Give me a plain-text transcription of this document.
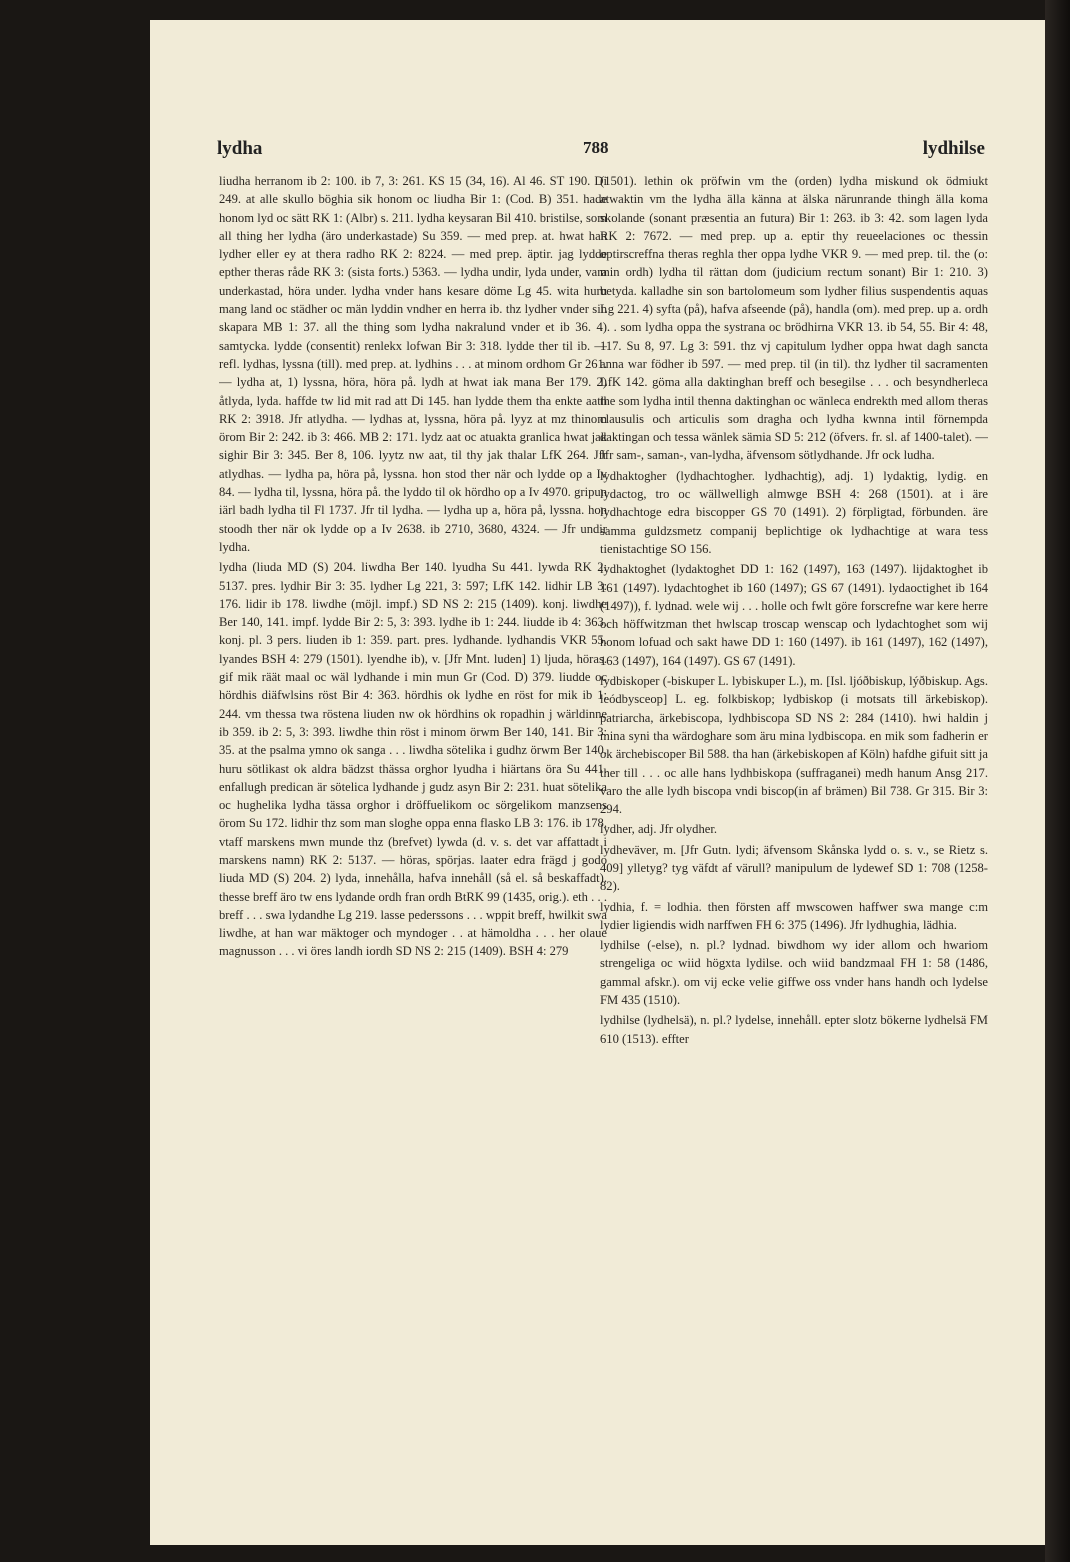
lydha	788	lydhilse

liudha herranom ib 2: 100. ib 7, 3: 261. KS 15 (34, 16). Al 46. ST 190. Di 249. at alle skullo böghia sik honom oc liudha Bir 1: (Cod. B) 351. hade honom lyd oc sätt RK 1: (Albr) s. 211. lydha keysaran Bil 410. bristilse, som all thing her lydha (äro underkastade) Su 359. — med prep. at. hwat han lydher eller ey at thera radho RK 2: 8224. — med prep. äptir. jag lydde epther theras råde RK 3: (sista forts.) 5363. — lydha undir, lyda under, vara underkastad, höra under. lydha vnder hans kesare döme Lg 45. wita huru mang land oc städher oc män lyddin vndher en herra ib. thz lydher vnder sin skapara MB 1: 37. all the thing som lydha nakralund vnder et ib 36. 4) samtycka. lydde (consentit) renlekx lofwan Bir 3: 318. lydde ther til ib. — refl. lydhas, lyssna (till). med prep. at. lydhins . . . at minom ordhom Gr 261. — lydha at, 1) lyssna, höra, höra på. lydh at hwat iak mana Ber 179. 2) åtlyda, lyda. haffde tw lid mit rad att Di 145. han lydde them tha enkte aath RK 2: 3918. Jfr atlydha. — lydhas at, lyssna, höra på. lyyz at mz thinom örom Bir 2: 242. ib 3: 466. MB 2: 171. lydz aat oc atuakta granlica hwat jak sighir Bir 3: 345. Ber 8, 106. lyytz nw aat, til thy jak thalar LfK 264. Jfr atlydhas. — lydha pa, höra på, lyssna. hon stod ther när och lydde op a Iv 84. — lydha til, lyssna, höra på. the lyddo til ok hördho op a Iv 4970. gripun iärl badh lydha til Fl 1737. Jfr til lydha. — lydha up a, höra på, lyssna. hon stoodh ther när ok lydde op a Iv 2638. ib 2710, 3680, 4324. — Jfr undir lydha.

lydha (liuda MD (S) 204. liwdha Ber 140. lyudha Su 441. lywda RK 2: 5137. pres. lydhir Bir 3: 35. lydher Lg 221, 3: 597; LfK 142. lidhir LB 3: 176. lidir ib 178. liwdhe (möjl. impf.) SD NS 2: 215 (1409). konj. liwdhe Ber 140, 141. impf. lydde Bir 2: 5, 3: 393. lydhe ib 1: 244. liudde ib 4: 363. konj. pl. 3 pers. liuden ib 1: 359. part. pres. lydhande. lydhandis VKR 55. lyandes BSH 4: 279 (1501). lyendhe ib), v. [Jfr Mnt. luden] 1) ljuda, höras. gif mik räät maal oc wäl lydhande i min mun Gr (Cod. D) 379. liudde oc hördhis diäfwlsins röst Bir 4: 363. hördhis ok lydhe en röst for mik ib 1: 244. vm thessa twa röstena liuden nw ok hördhins ok ropadhin j wärldinne ib 359. ib 2: 5, 3: 393. liwdhe thin röst i minom örwm Ber 140, 141. Bir 3: 35. at the psalma ymno ok sanga . . . liwdha sötelika i gudhz örwm Ber 140. huru sötlikast ok aldra bädzst thässa orghor lyudha i hiärtans öra Su 441. enfallugh predican är sötelica lydhande j gudz asyn Bir 2: 231. huat sötelika oc hughelika lydha tässa orghor i dröffuelikom oc sörgelikom manzsens örom Su 172. lidhir thz som man sloghe oppa enna flasko LB 3: 176. ib 178. vtaff marskens mwn munde thz (brefvet) lywda (d. v. s. det var affattadt i marskens namn) RK 2: 5137. — höras, spörjas. laater edra frägd j godo liuda MD (S) 204. 2) lyda, innehålla, hafva innehåll (så el. så beskaffadt). thesse breff äro tw ens lydande ordh fran ordh BtRK 99 (1435, orig.). eth . . . breff . . . swa lydandhe Lg 219. lasse pederssons . . . wppit breff, hwilkit swa liwdhe, at han war mäktoger och myndoger . . at hämoldha . . . her olaue magnusson . . . vi öres landh iordh SD NS 2: 215 (1409). BSH 4: 279

(1501). lethin ok pröfwin vm the (orden) lydha miskund ok ödmiukt atwaktin vm the lydha älla känna at älska närunrande thingh älla koma skolande (sonant præsentia an futura) Bir 1: 263. ib 3: 42. som lagen lyda RK 2: 7672. — med prep. up a. eptir thy reueelaciones oc thessin optirscreffna theras reghla ther oppa lydhe VKR 9. — med prep. til. the (o: min ordh) lydha til rättan dom (judicium rectum sonant) Bir 1: 210. 3) betyda. kalladhe sin son bartolomeum som lydher filius suspendentis aquas Lg 221. 4) syfta (på), hafva afseende (på), handla (om). med prep. up a. ordh . . . som lydha oppa the systrana oc brödhirna VKR 13. ib 54, 55. Bir 4: 48, 117. Su 8, 97. Lg 3: 591. thz vj capitulum lydher oppa hwat dagh sancta anna war födher ib 597. — med prep. til (in til). thz lydher til sacramenten LfK 142. göma alla daktinghan breff och besegilse . . . och besyndherleca the som lydha intil thenna daktinghan oc wänleca endrekth med allom theras clausulis och articulis som dragha och lydha kwnna intil förnempda daktingan och tessa wänlek sämia SD 5: 212 (öfvers. fr. sl. af 1400-talet). — Jfr sam-, saman-, van-lydha, äfvensom sötlydhande. Jfr ock ludha.

lydhaktogher (lydhachtogher. lydhachtig), adj. 1) lydaktig, lydig. en lydactog, tro oc wällwelligh almwge BSH 4: 268 (1501). at i äre lydhachtoge edra biscopper GS 70 (1491). 2) förpligtad, förbunden. äre samma guldzsmetz companij beplichtige ok lydhachtige at wara tess tienistachtige SO 156.

lydhaktoghet (lydaktoghet DD 1: 162 (1497), 163 (1497). lijdaktoghet ib 161 (1497). lydachtoghet ib 160 (1497); GS 67 (1491). lydaoctighet ib 164 (1497)), f. lydnad. wele wij . . . holle och fwlt göre forscrefne war kere herre och höffwitzman thet hwlscap troscap wenscap och lydachtoghet som wij honom lofuad och sakt hawe DD 1: 160 (1497). ib 161 (1497), 162 (1497), 163 (1497), 164 (1497). GS 67 (1491).

lydbiskoper (-biskuper L. lybiskuper L.), m. [Isl. ljóðbiskup, lýðbiskup. Ags. leódbysceop] L. eg. folkbiskop; lydbiskop (i motsats till ärkebiskop). patriarcha, ärkebiscopa, lydhbiscopa SD NS 2: 284 (1410). hwi haldin j mina syni tha wärdoghare som äru mina lydbiscopa. en mik som fadherin er ok ärchebiscoper Bil 588. tha han (ärkebiskopen af Köln) hafdhe gifuit sitt ja ther till . . . oc alle hans lydhbiskopa (suffraganei) medh hanum Ansg 217. varo the alle lydh biscopa vndi biscop(in af brämen) Bil 738. Gr 315. Bir 3: 294.

lydher, adj. Jfr olydher.

lydheväver, m. [Jfr Gutn. lydi; äfvensom Skånska lydd o. s. v., se Rietz s. 409] ylletyg? tyg väfdt af värull? manipulum de lydewef SD 1: 708 (1258-82).

lydhia, f. = lodhia. then försten aff mwscowen haffwer swa mange c:m lydier ligiendis widh narffwen FH 6: 375 (1496). Jfr lydhughia, lädhia.

lydhilse (-else), n. pl.? lydnad. biwdhom wy ider allom och hwariom strengeliga oc wiid högxta lydilse. och wiid bandzmaal FH 1: 58 (1486, gammal afskr.). om vij ecke velie giffwe oss vnder hans handh och lydelse FM 435 (1510).

lydhilse (lydhelsä), n. pl.? lydelse, innehåll. epter slotz bökerne lydhelsä FM 610 (1513). effter
